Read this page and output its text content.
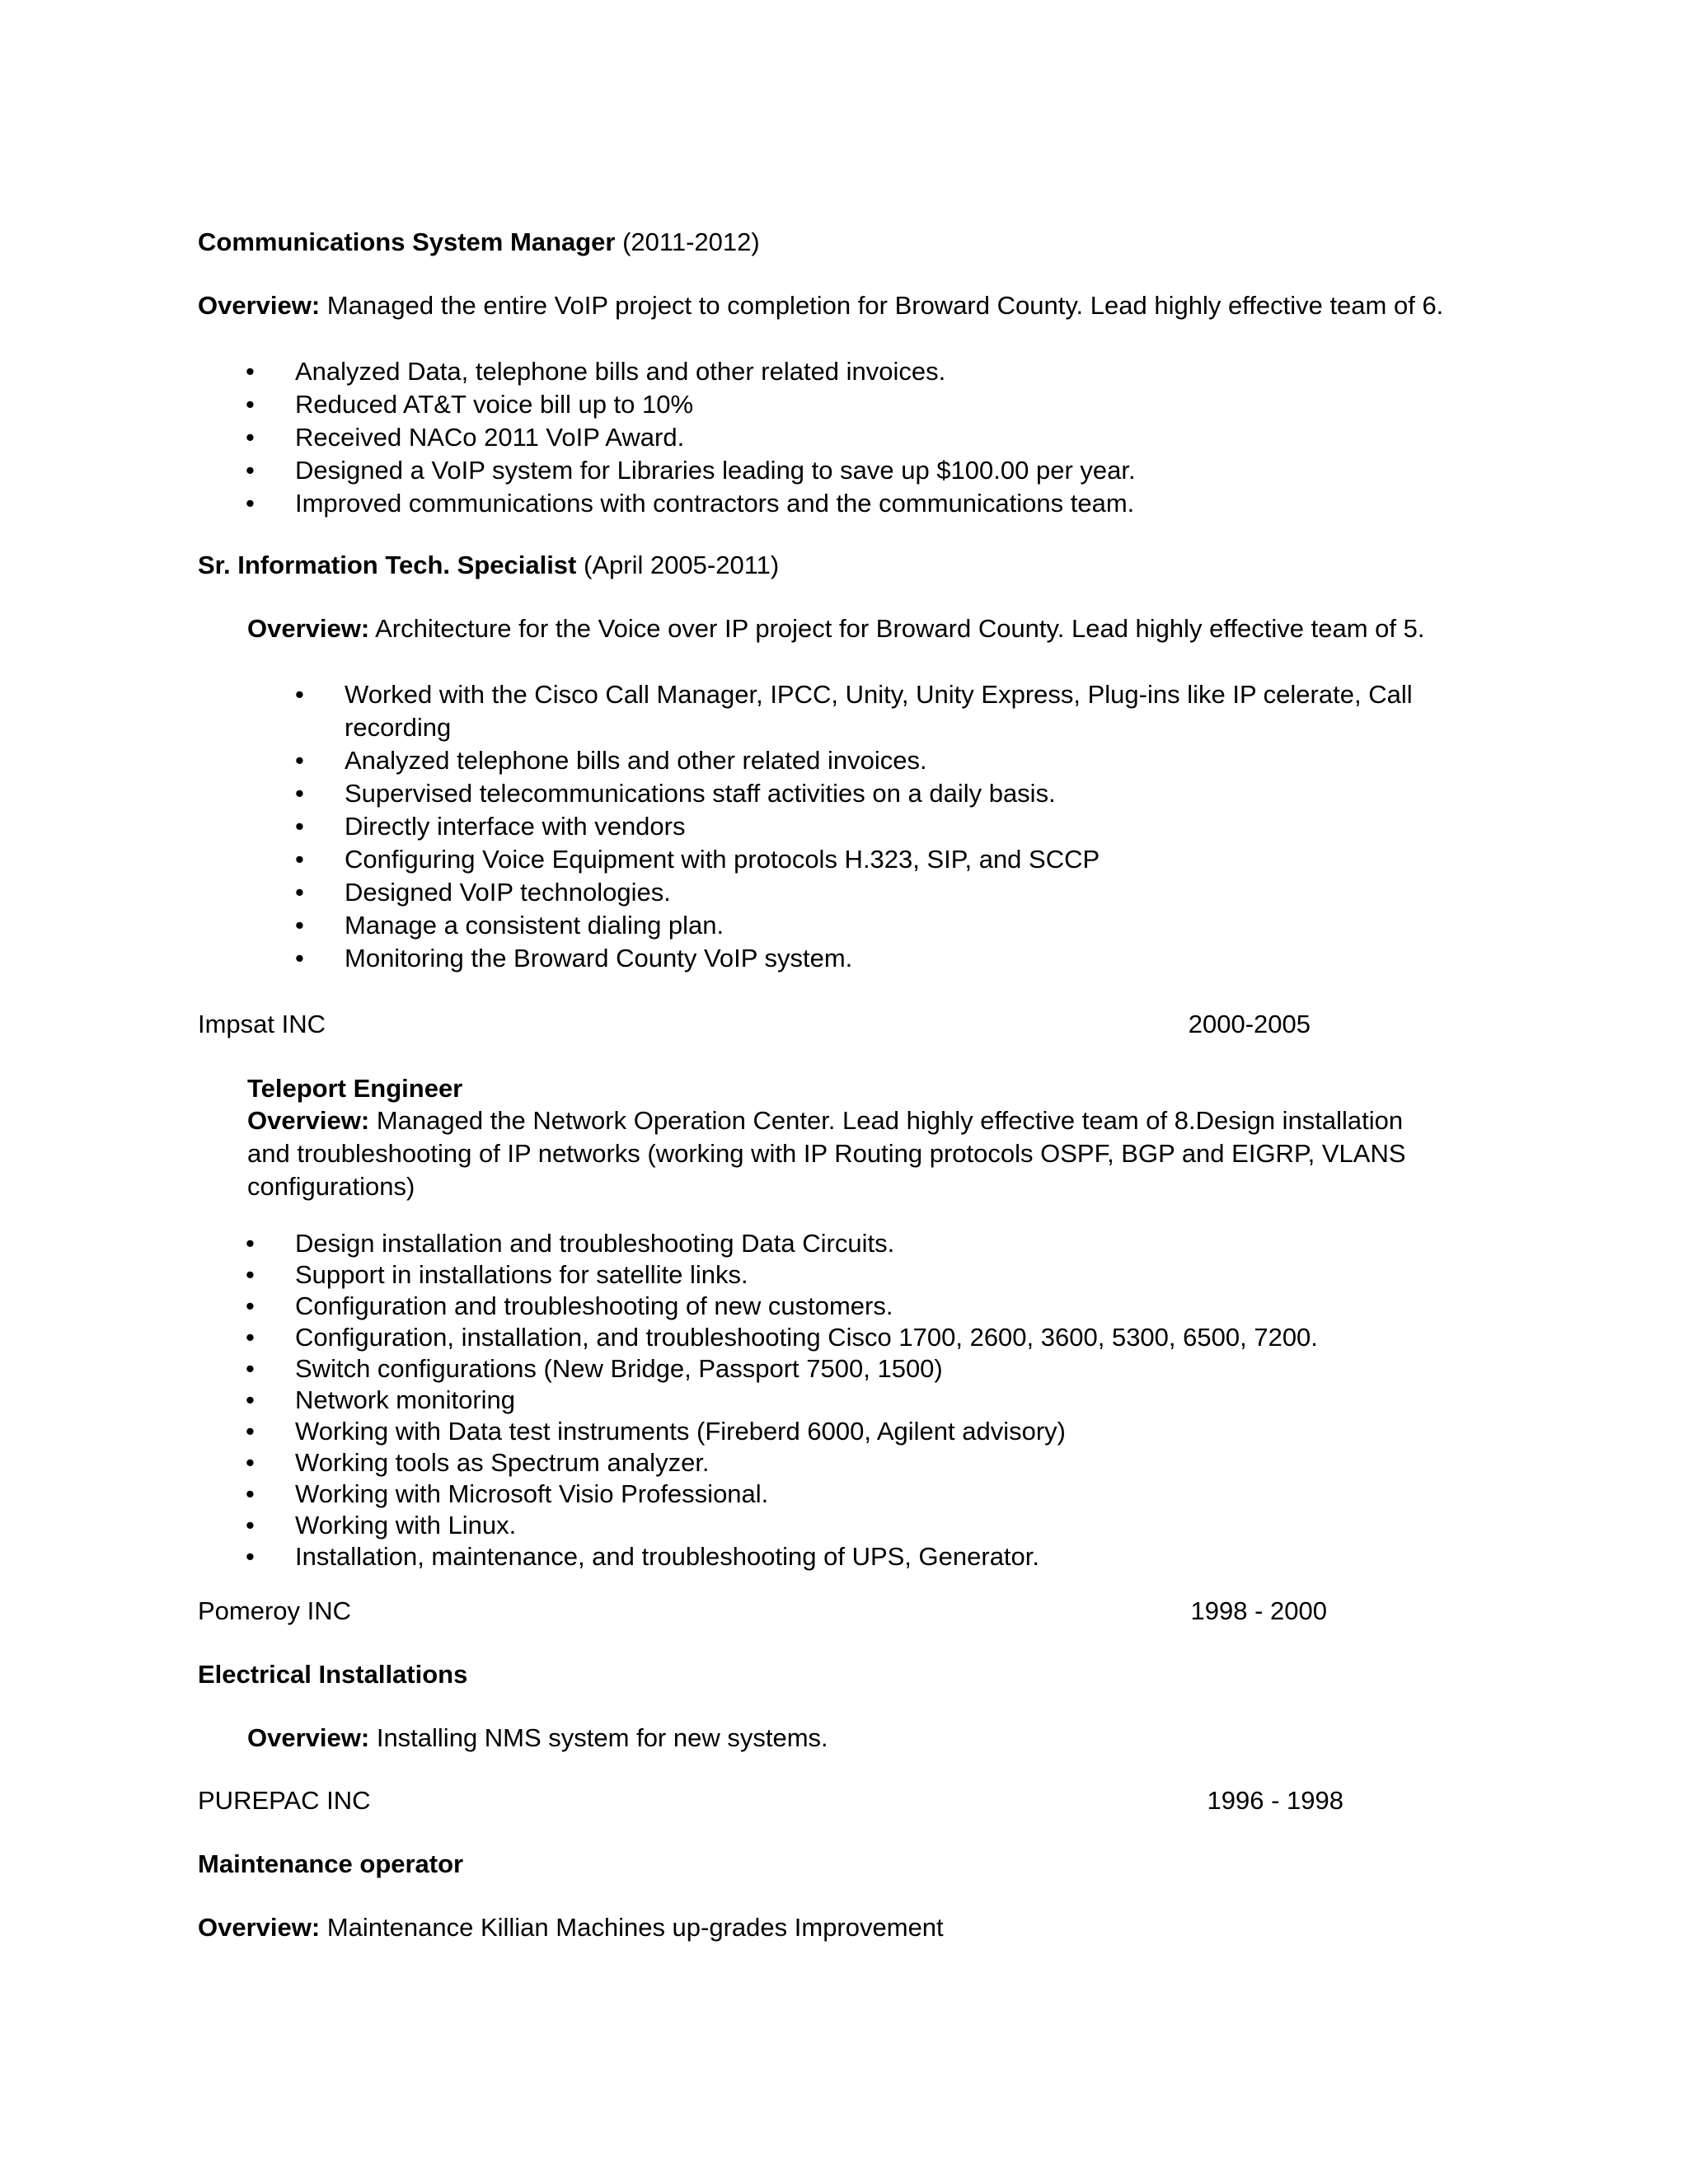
Communications System Manager (2011-2012)

Overview: Managed the entire VoIP project to completion for Broward County. Lead highly effective team of 6.

• Analyzed Data, telephone bills and other related invoices.
• Reduced AT&T voice bill up to 10%
• Received NACo 2011 VoIP Award.
• Designed a VoIP system for Libraries leading to save up $100.00 per year.
• Improved communications with contractors and the communications team.

Sr. Information Tech. Specialist (April 2005-2011)

Overview: Architecture for the Voice over IP project for Broward County. Lead highly effective team of 5.

• Worked with the Cisco Call Manager, IPCC, Unity, Unity Express, Plug-ins like IP celerate, Call recording
• Analyzed telephone bills and other related invoices.
• Supervised telecommunications staff activities on a daily basis.
• Directly interface with vendors
• Configuring Voice Equipment with protocols H.323, SIP, and SCCP
• Designed VoIP technologies.
• Manage a consistent dialing plan.
• Monitoring the Broward County VoIP system.
Impsat INC	2000-2005

Teleport Engineer

Overview: Managed the Network Operation Center. Lead highly effective team of 8.Design installation and troubleshooting of IP networks (working with IP Routing protocols OSPF, BGP and EIGRP, VLANS configurations)

• Design installation and troubleshooting Data Circuits.
• Support in installations for satellite links.
• Configuration and troubleshooting of new customers.
• Configuration, installation, and troubleshooting Cisco 1700, 2600, 3600, 5300, 6500, 7200.
• Switch configurations (New Bridge, Passport 7500, 1500)
• Network monitoring
• Working with Data test instruments (Fireberd 6000, Agilent advisory)
• Working tools as Spectrum analyzer.
• Working with Microsoft Visio Professional.
• Working with Linux.
• Installation, maintenance, and troubleshooting of UPS, Generator.
Pomeroy INC	1998 - 2000

Electrical Installations

Overview: Installing NMS system for new systems.

PUREPAC INC	1996 - 1998

Maintenance operator

Overview: Maintenance Killian Machines up-grades Improvement
